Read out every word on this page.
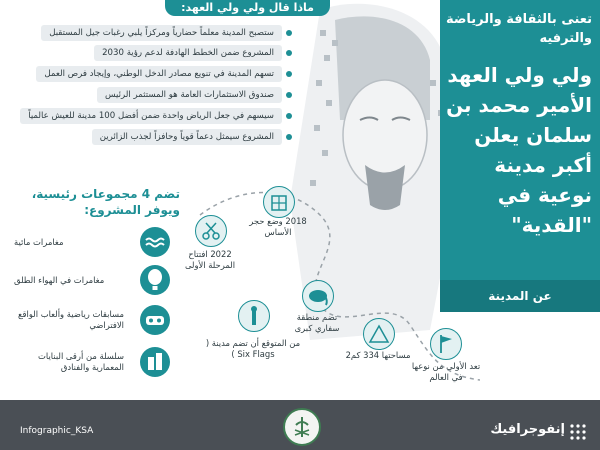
تعنى بالثقافة والرياضة والترفيه
ولي ولي العهد الأمير محمد بن سلمان يعلن أكبر مدينة نوعية في "القدية"
عن المدينة
ماذا قال ولي ولي العهد:
ستصبح المدينة معلماً حضارياً ومركزاً يلبي رغبات جيل المستقبل
المشروع ضمن الخطط الهادفة لدعم رؤية 2030
تسهم المدينة في تنويع مصادر الدخل الوطني، وإيجاد فرص العمل
صندوق الاستثمارات العامة هو المستثمر الرئيس
سيسهم في جعل الرياض واحدة ضمن أفضل 100 مدينة للعيش عالمياً
المشروع سيمثل دعماً قوياً وحافزاً لجذب الزائرين
تضم 4 مجموعات رئيسية، ويوفر المشروع:
مغامرات مائية
مغامرات في الهواء الطلق
مسابقات رياضية وألعاب الواقع الافتراضي
سلسلة من أرقى البنايات المعمارية والفنادق
2018 وضع حجر الأساس
2022 افتتاح المرحلة الأولى
تضم منطقة سفاري كبرى
من المتوقع أن تضم مدينة ( Six Flags )	مساحتها 334 كم2
تعد الأولى من نوعها في العالم
Infographic_KSA	إنفوجرافيك
